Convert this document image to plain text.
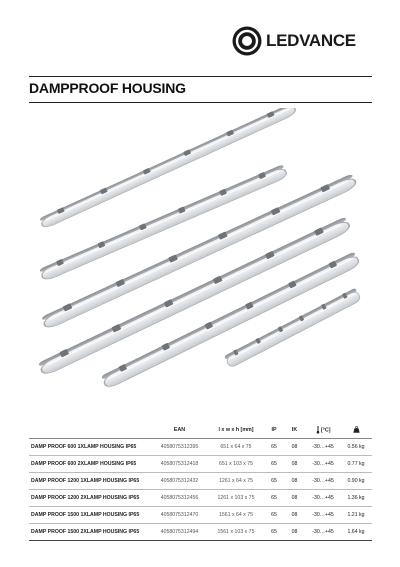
LEDVANCE
DAMPPROOF HOUSING
	EAN	l x w x h [mm]	IP	IK	[°C]	
DAMP PROOF 600 1XLAMP HOUSING IP65	4058075312395	651 x 64 x 75	65	08	-30…+45	0.56 kg
DAMP PROOF 600 2XLAMP HOUSING IP65	4058075312418	651 x 103 x 75	65	08	-30…+45	0.77 kg
DAMP PROOF 1200 1XLAMP HOUSING IP65	4058075312432	1261 x 64 x 75	65	08	-30…+45	0.90 kg
DAMP PROOF 1200 2XLAMP HOUSING IP65	4058075312456	1261 x 103 x 75	65	08	-30…+45	1.36 kg
DAMP PROOF 1500 1XLAMP HOUSING IP65	4058075312470	1561 x 64 x 75	65	08	-30…+45	1.21 kg
DAMP PROOF 1500 2XLAMP HOUSING IP65	4058075312494	1561 x 103 x 75	65	08	-30…+45	1.64 kg
